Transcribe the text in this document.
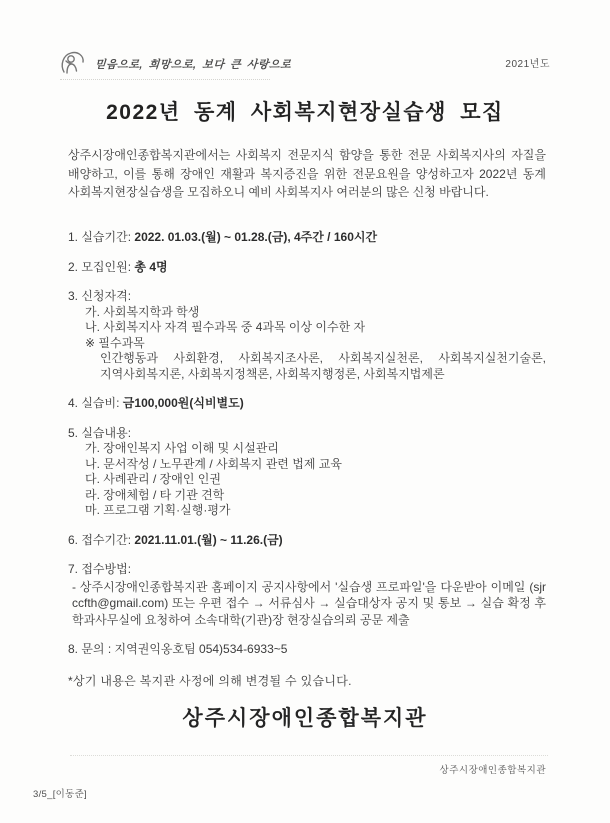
믿음으로, 희망으로, 보다 큰 사랑으로	2021년도
2022년 동계 사회복지현장실습생 모집

상주시장애인종합복지관에서는 사회복지 전문지식 함양을 통한 전문 사회복지사의 자질을 배양하고, 이를 통해 장애인 재활과 복지증진을 위한 전문요원을 양성하고자 2022년 동계 사회복지현장실습생을 모집하오니 예비 사회복지사 여러분의 많은 신청 바랍니다.

1. 실습기간: 2022. 01.03.(월) ~ 01.28.(금), 4주간 / 160시간
2. 모집인원: 총 4명
3. 신청자격:
가. 사회복지학과 학생
나. 사회복지사 자격 필수과목 중 4과목 이상 이수한 자
※ 필수과목
인간행동과 사회환경, 사회복지조사론, 사회복지실천론, 사회복지실천기술론, 지역사회복지론, 사회복지정책론, 사회복지행정론, 사회복지법제론
4. 실습비: 금100,000원(식비별도)
5. 실습내용:
가. 장애인복지 사업 이해 및 시설관리
나. 문서작성 / 노무관계 / 사회복지 관련 법제 교육
다. 사례관리 / 장애인 인권
라. 장애체험 / 타 기관 견학
마. 프로그램 기획·실행·평가
6. 접수기간: 2021.11.01.(월) ~ 11.26.(금)
7. 접수방법:
- 상주시장애인종합복지관 홈페이지 공지사항에서 '실습생 프로파일'을 다운받아 이메일 (sjrccfth@gmail.com) 또는 우편 접수 → 서류심사 → 실습대상자 공지 및 통보 → 실습 확정 후 학과사무실에 요청하여 소속대학(기관)장 현장실습의뢰 공문 제출
8. 문의 : 지역권익옹호팀 054)534-6933~5
*상기 내용은 복지관 사정에 의해 변경될 수 있습니다.
상주시장애인종합복지관
상주시장애인종합복지관
3/5_[이동준]
